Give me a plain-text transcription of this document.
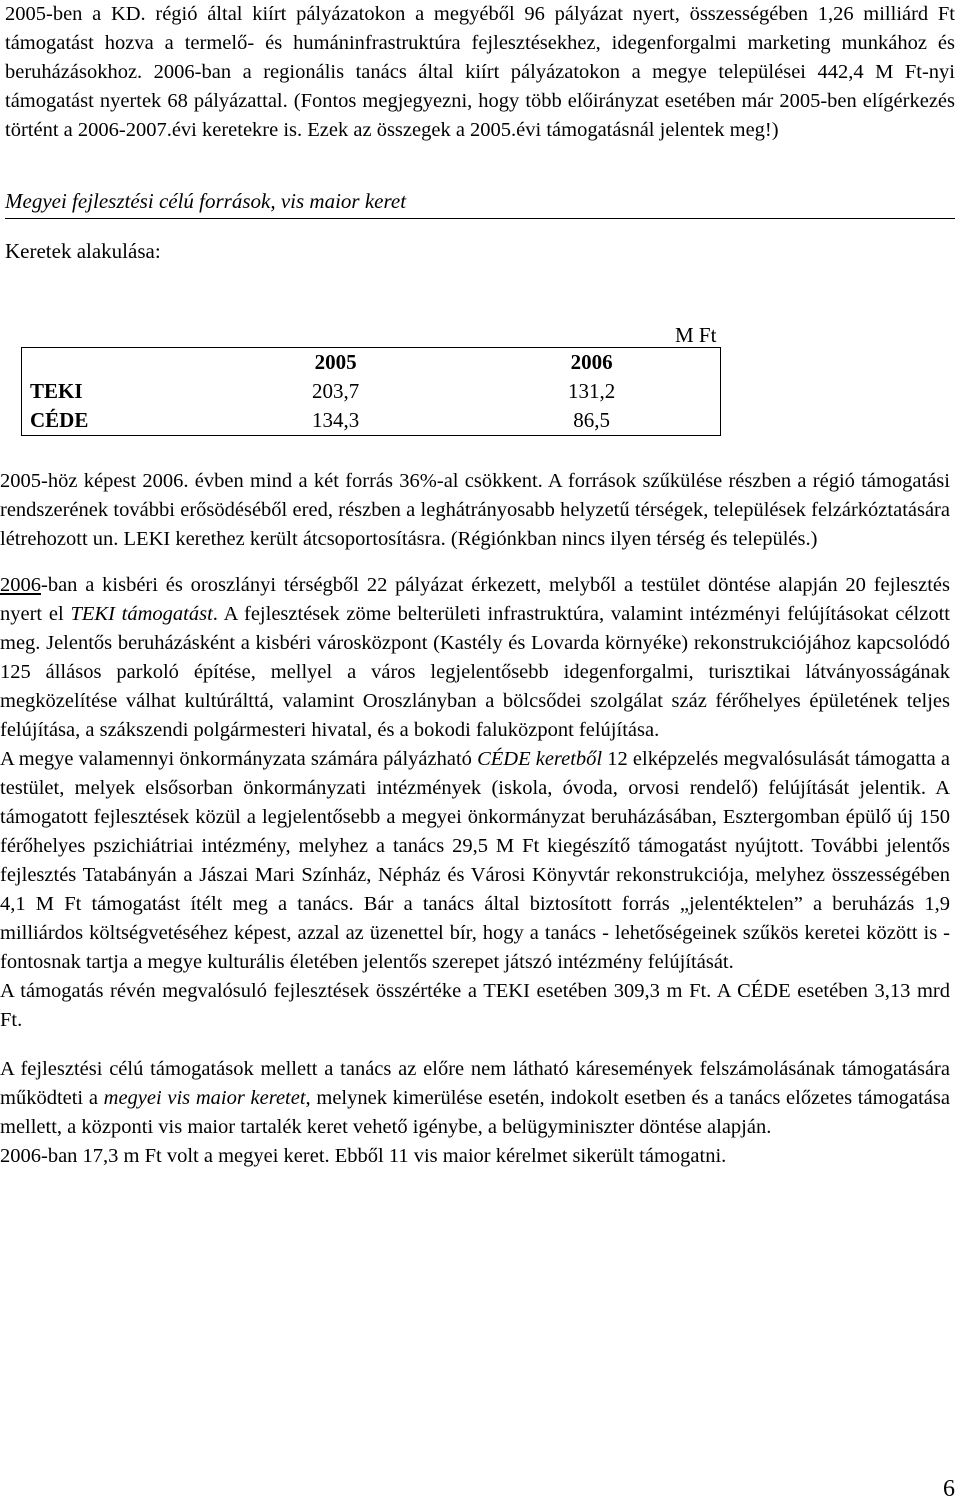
2005-ben a KD. régió által kiírt pályázatokon a megyéből 96 pályázat nyert, összességében 1,26 milliárd Ft támogatást hozva a termelő- és humáninfrastruktúra fejlesztésekhez, idegenforgalmi marketing munkához és beruházásokhoz. 2006-ban a regionális tanács által kiírt pályázatokon a megye települései 442,4 M Ft-nyi támogatást nyertek 68 pályázattal. (Fontos megjegyezni, hogy több előirányzat esetében már 2005-ben elígérkezés történt a 2006-2007.évi keretekre is. Ezek az összegek a 2005.évi támogatásnál jelentek meg!)

Megyei fejlesztési célú források, vis maior keret
Keretek alakulása:
M Ft
	2005	2006
TEKI	203,7	131,2
CÉDE	134,3	86,5

2005-höz képest 2006. évben mind a két forrás 36%-al csökkent. A források szűkülése részben a régió támogatási rendszerének további erősödéséből ered, részben a leghátrányosabb helyzetű térségek, települések felzárkóztatására létrehozott un. LEKI kerethez került átcsoportosításra. (Régiónkban nincs ilyen térség és település.)

2006-ban a kisbéri és oroszlányi térségből 22 pályázat érkezett, melyből a testület döntése alapján 20 fejlesztés nyert el TEKI támogatást. A fejlesztések zöme belterületi infrastruktúra, valamint intézményi felújításokat célzott meg. Jelentős beruházásként a kisbéri városközpont (Kastély és Lovarda környéke) rekonstrukciójához kapcsolódó 125 állásos parkoló építése, mellyel a város legjelentősebb idegenforgalmi, turisztikai látványosságának megközelítése válhat kultúrálttá, valamint Oroszlányban a bölcsődei szolgálat száz férőhelyes épületének teljes felújítása, a szákszendi polgármesteri hivatal, és a bokodi faluközpont felújítása.

A megye valamennyi önkormányzata számára pályázható CÉDE keretből 12 elképzelés megvalósulását támogatta a testület, melyek elsősorban önkormányzati intézmények (iskola, óvoda, orvosi rendelő) felújítását jelentik. A támogatott fejlesztések közül a legjelentősebb a megyei önkormányzat beruházásában, Esztergomban épülő új 150 férőhelyes pszichiátriai intézmény, melyhez a tanács 29,5 M Ft kiegészítő támogatást nyújtott. További jelentős fejlesztés Tatabányán a Jászai Mari Színház, Népház és Városi Könyvtár rekonstrukciója, melyhez összességében 4,1 M Ft támogatást ítélt meg a tanács. Bár a tanács által biztosított forrás „jelentéktelen” a beruházás 1,9 milliárdos költségvetéséhez képest, azzal az üzenettel bír, hogy a tanács - lehetőségeinek szűkös keretei között is - fontosnak tartja a megye kulturális életében jelentős szerepet játszó intézmény felújítását.

A támogatás révén megvalósuló fejlesztések összértéke a TEKI esetében 309,3 m Ft. A CÉDE esetében 3,13 mrd Ft.

A fejlesztési célú támogatások mellett a tanács az előre nem látható káresemények felszámolásának támogatására működteti a megyei vis maior keretet, melynek kimerülése esetén, indokolt esetben és a tanács előzetes támogatása mellett, a központi vis maior tartalék keret vehető igénybe, a belügyminiszter döntése alapján.

2006-ban 17,3 m Ft volt a megyei keret. Ebből 11 vis maior kérelmet sikerült támogatni.

6
